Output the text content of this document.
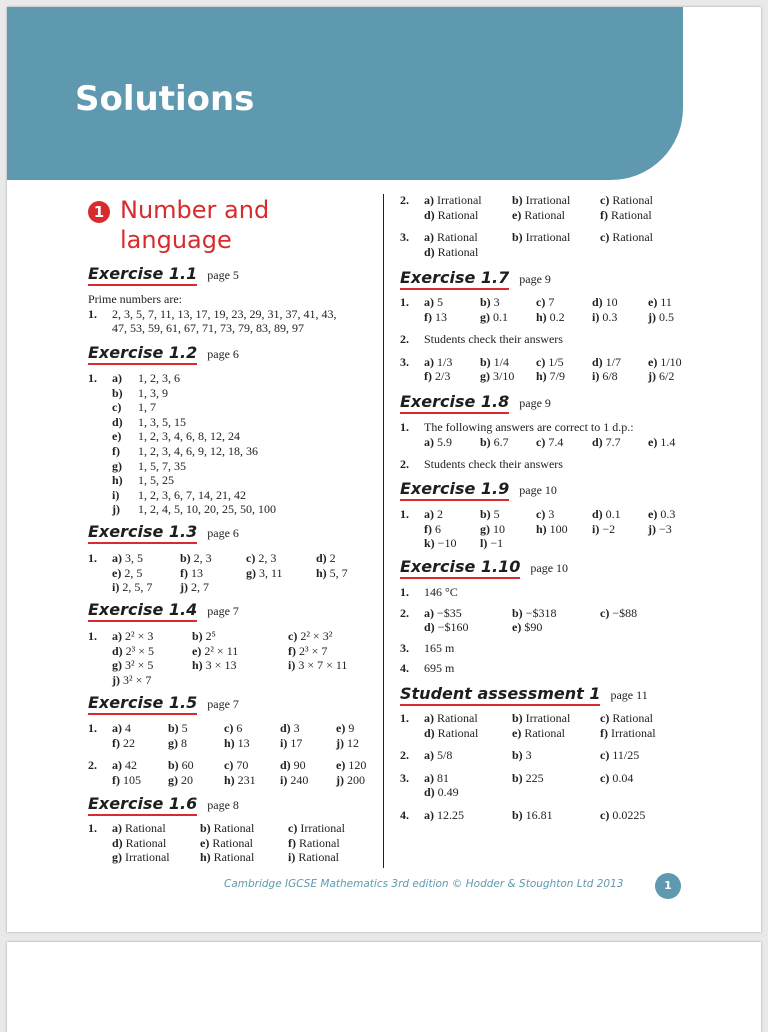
Solutions
1 Number and language
Exercise 1.1 page 5
Prime numbers are:
1. 2, 3, 5, 7, 11, 13, 17, 19, 23, 29, 31, 37, 41, 43,
47, 53, 59, 61, 67, 71, 73, 79, 83, 89, 97
Exercise 1.2 page 6
1. a) 1, 2, 3, 6
b) 1, 3, 9
c) 1, 7
d) 1, 3, 5, 15
e) 1, 2, 3, 4, 6, 8, 12, 24
f) 1, 2, 3, 4, 6, 9, 12, 18, 36
g) 1, 5, 7, 35
h) 1, 5, 25
i) 1, 2, 3, 6, 7, 14, 21, 42
j) 1, 2, 4, 5, 10, 20, 25, 50, 100
Exercise 1.3 page 6
1. a) 3, 5	b) 2, 3	c) 2, 3	d) 2
e) 2, 5	f) 13	g) 3, 11	h) 5, 7
i) 2, 5, 7 j) 2, 7
Exercise 1.4 page 7
1. a) 2² × 3	b) 2⁵	c) 2² × 3²
d) 2³ × 5	e) 2² × 11	f) 2³ × 7
g) 3² × 5	h) 3 × 13	i) 3 × 7 × 11
j) 3² × 7
Exercise 1.5 page 7
1. a) 4	b) 5	c) 6	d) 3	e) 9
f) 22	g) 8	h) 13	i) 17	j) 12
2. a) 42	b) 60	c) 70	d) 90	e) 120
f) 105 g) 20	h) 231 i) 240 j) 200
Exercise 1.6 page 8
1. a) Rational	b) Rational	c) Irrational
d) Rational	e) Rational	f) Rational
g) Irrational	h) Rational	i) Rational
2. a) Irrational	b) Irrational c) Rational
d) Rational	e) Rational	f) Rational
3. a) Rational	b) Irrational c) Rational
d) Rational
Exercise 1.7 page 9
1. a) 5	b) 3	c) 7	d) 10	e) 11
f) 13	g) 0.1 h) 0.2 i) 0.3	j) 0.5
2. Students check their answers
3. a) 1/3 b) 1/4 c) 1/5 d) 1/7 e) 1/10
f) 2/3 g) 3/10 h) 7/9 i) 6/8	j) 6/2
Exercise 1.8 page 9
1. The following answers are correct to 1 d.p.:
a) 5.9 b) 6.7 c) 7.4 d) 7.7 e) 1.4
2. Students check their answers
Exercise 1.9 page 10
1. a) 2	b) 5	c) 3	d) 0.1 e) 0.3
f) 6	g) 10	h) 100 i) −2	j) −3
k) −10 l) −1
Exercise 1.10 page 10
1. 146 °C
2. a) −$35	b) −$318	c) −$88
d) −$160	e) $90
3. 165 m
4. 695 m
Student assessment 1 page 11
1. a) Rational	b) Irrational c) Rational
d) Rational	e) Rational	f) Irrational
2. a) 5/8	b) 3	c) 11/25
3. a) 81	b) 225	c) 0.04
d) 0.49
4. a) 12.25	b) 16.81	c) 0.0225
Cambridge IGCSE Mathematics 3rd edition © Hodder & Stoughton Ltd 2013	1
